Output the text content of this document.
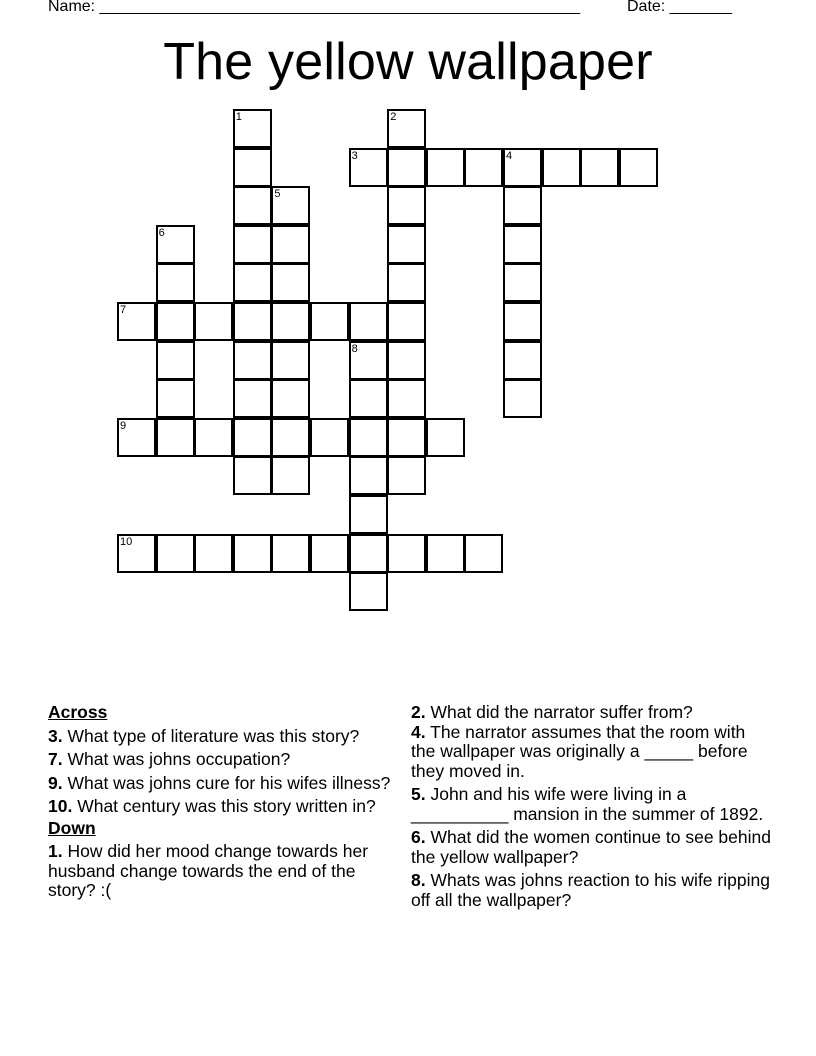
Name: ______________________________________________________	Date: _______
The yellow wallpaper
1	2
3	4
5
6
7
8
9
10
Across
3. What type of literature was this story?
7. What was johns occupation?
9. What was johns cure for his wifes illness?
10. What century was this story written in?
Down
1. How did her mood change towards her husband change towards the end of the story? :(
2. What did the narrator suffer from?
4. The narrator assumes that the room with the wallpaper was originally a _____ before they moved in.
5. John and his wife were living in a __________ mansion in the summer of 1892.
6. What did the women continue to see behind the yellow wallpaper?
8. Whats was johns reaction to his wife ripping off all the wallpaper?
